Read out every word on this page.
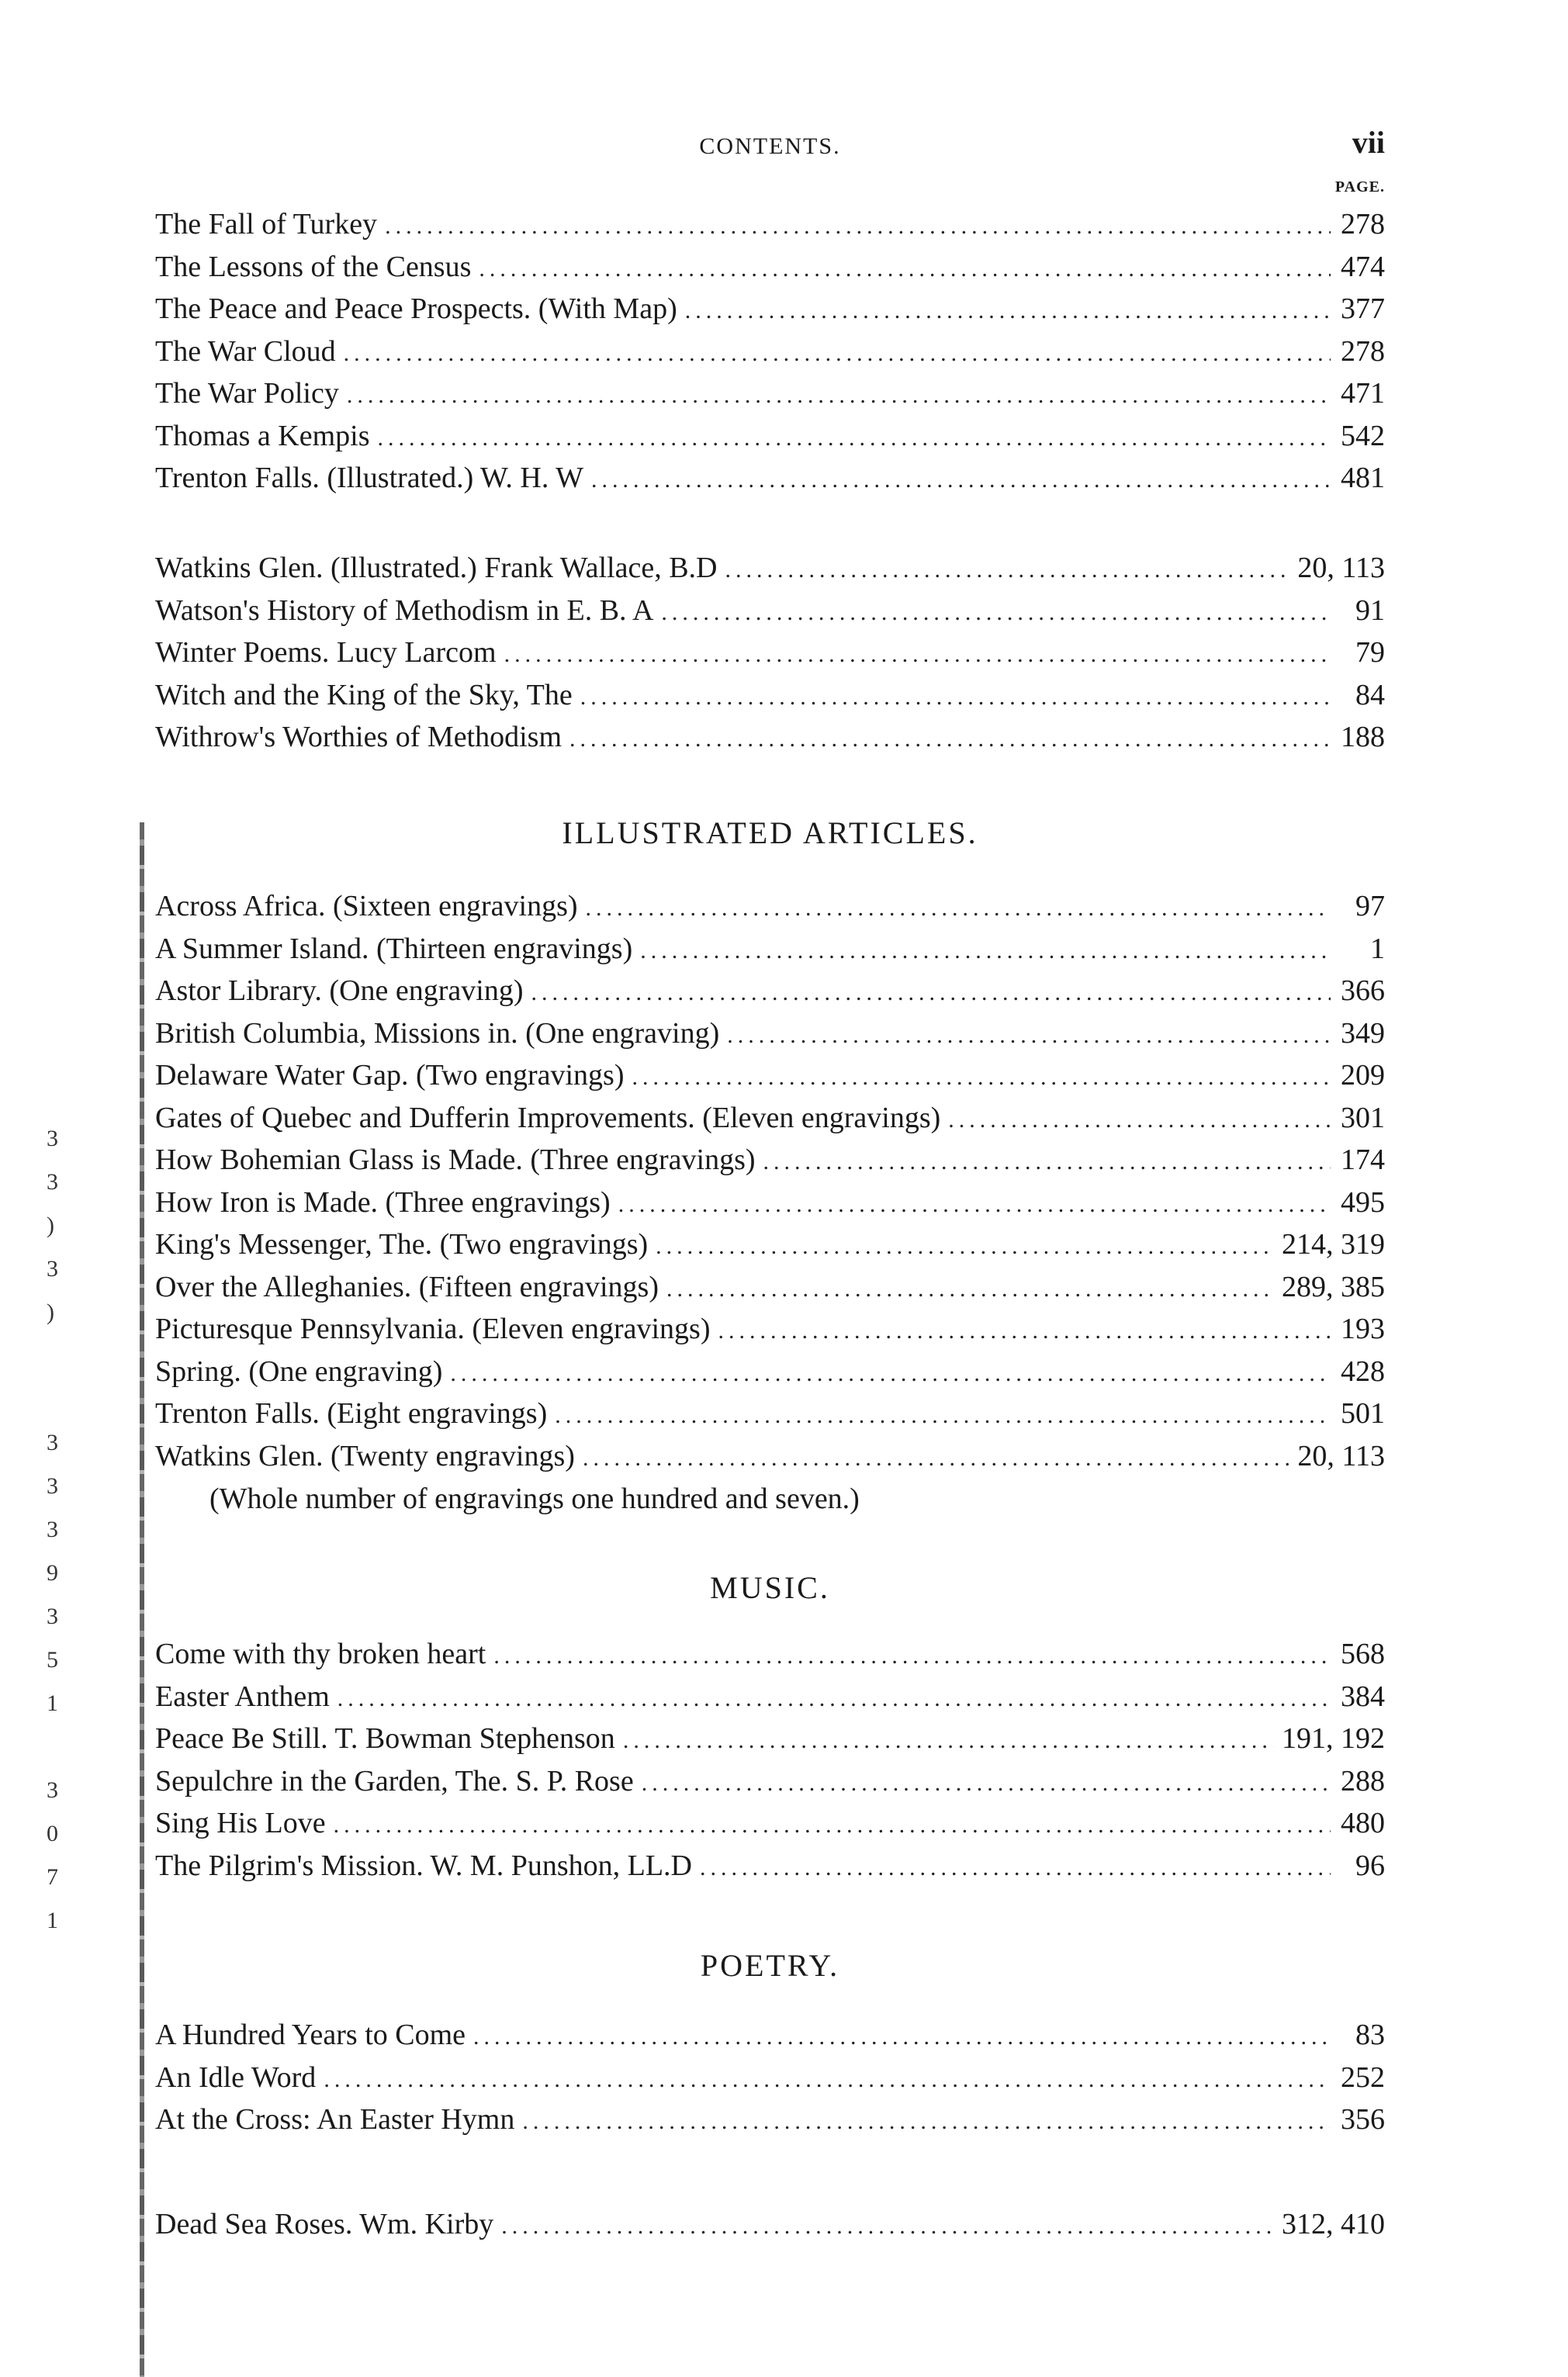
CONTENTS.	vii
PAGE.
The Fall of Turkey .....	278
The Lessons of the Census .....	474
The Peace and Peace Prospects. (With Map) .....	377
The War Cloud .....	278
The War Policy .....	471
Thomas a Kempis .....	542
Trenton Falls. (Illustrated.) W. H. W .....	481
Watkins Glen. (Illustrated.) Frank Wallace, B.D .....	20, 113
Watson's History of Methodism in E. B. A .....	91
Winter Poems. Lucy Larcom .....	79
Witch and the King of the Sky, The .....	84
Withrow's Worthies of Methodism .....	188
ILLUSTRATED ARTICLES.
Across Africa. (Sixteen engravings) .....	97
A Summer Island. (Thirteen engravings) .....	1
Astor Library. (One engraving) .....	366
British Columbia, Missions in. (One engraving) .....	349
Delaware Water Gap. (Two engravings) .....	209
Gates of Quebec and Dufferin Improvements. (Eleven engravings) .....	301
How Bohemian Glass is Made. (Three engravings) .....	174
How Iron is Made. (Three engravings) .....	495
King's Messenger, The. (Two engravings) .....	214, 319
Over the Alleghanies. (Fifteen engravings) .....	289, 385
Picturesque Pennsylvania. (Eleven engravings) .....	193
Spring. (One engraving) .....	428
Trenton Falls. (Eight engravings) .....	501
Watkins Glen. (Twenty engravings) .....	20, 113
(Whole number of engravings one hundred and seven.)
MUSIC.
Come with thy broken heart .....	568
Easter Anthem .....	384
Peace Be Still. T. Bowman Stephenson .....	191, 192
Sepulchre in the Garden, The. S. P. Rose .....	288
Sing His Love .....	480
The Pilgrim's Mission. W. M. Punshon, LL.D .....	96
POETRY.
A Hundred Years to Come .....	83
An Idle Word .....	252
At the Cross: An Easter Hymn .....	356
Dead Sea Roses. Wm. Kirby .....	312, 410
3
3
)
3
)

3
3
3
9
3
5
1

3
0
7
1
